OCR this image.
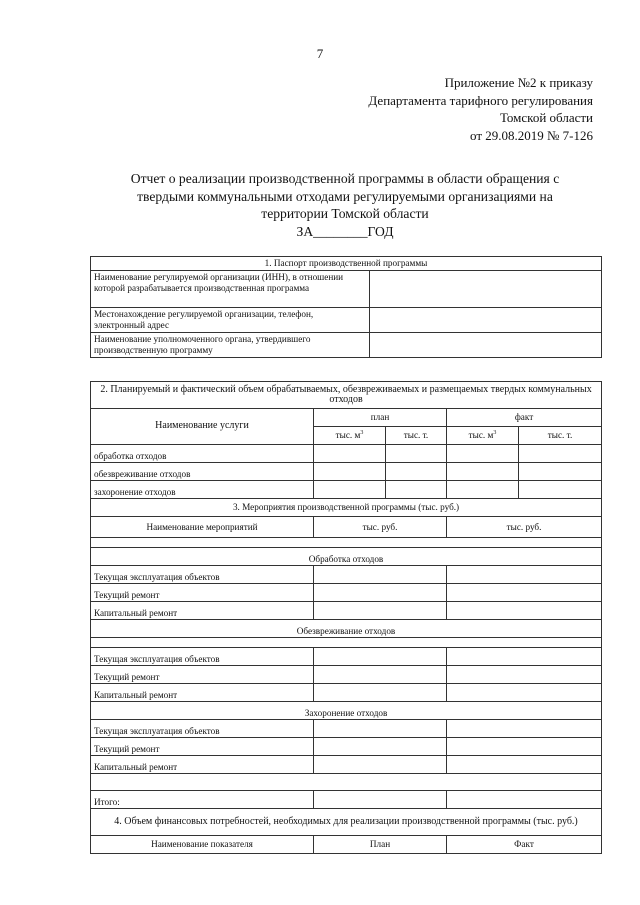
7
Приложение №2 к приказу
Департамента тарифного регулирования
Томской области
от 29.08.2019 № 7-126
Отчет о реализации производственной программы в области обращения с
твердыми коммунальными отходами регулируемыми организациями на
территории Томской области
ЗА________ГОД
1. Паспорт производственной программы	
Наименование регулируемой организации (ИНН), в отношении которой разрабатывается производственная программа	
Местонахождение регулируемой организации, телефон, электронный адрес	
Наименование уполномоченного органа, утвердившего производственную программу	
2. Планируемый и фактический объем обрабатываемых, обезвреживаемых и размещаемых твердых коммунальных отходов				
Наименование услуги	план		факт	
	тыс. $м^3$	тыс. т.	тыс. $м^3$	тыс. т.
обработка отходов				
обезвреживание отходов				
захоронение отходов				
3. Мероприятия производственной программы (тыс. руб.)				
Наименование мероприятий	тыс. руб.		тыс. руб.	

Обработка отходов				
Текущая эксплуатация объектов				
Текущий ремонт				
Капитальный ремонт				
Обезвреживание отходов				

Текущая эксплуатация объектов				
Текущий ремонт				
Капитальный ремонт				
Захоронение отходов				
Текущая эксплуатация объектов				
Текущий ремонт				
Капитальный ремонт				

Итого:				
4. Объем финансовых потребностей, необходимых для реализации производственной программы (тыс. руб.)				
Наименование показателя	План		Факт	
